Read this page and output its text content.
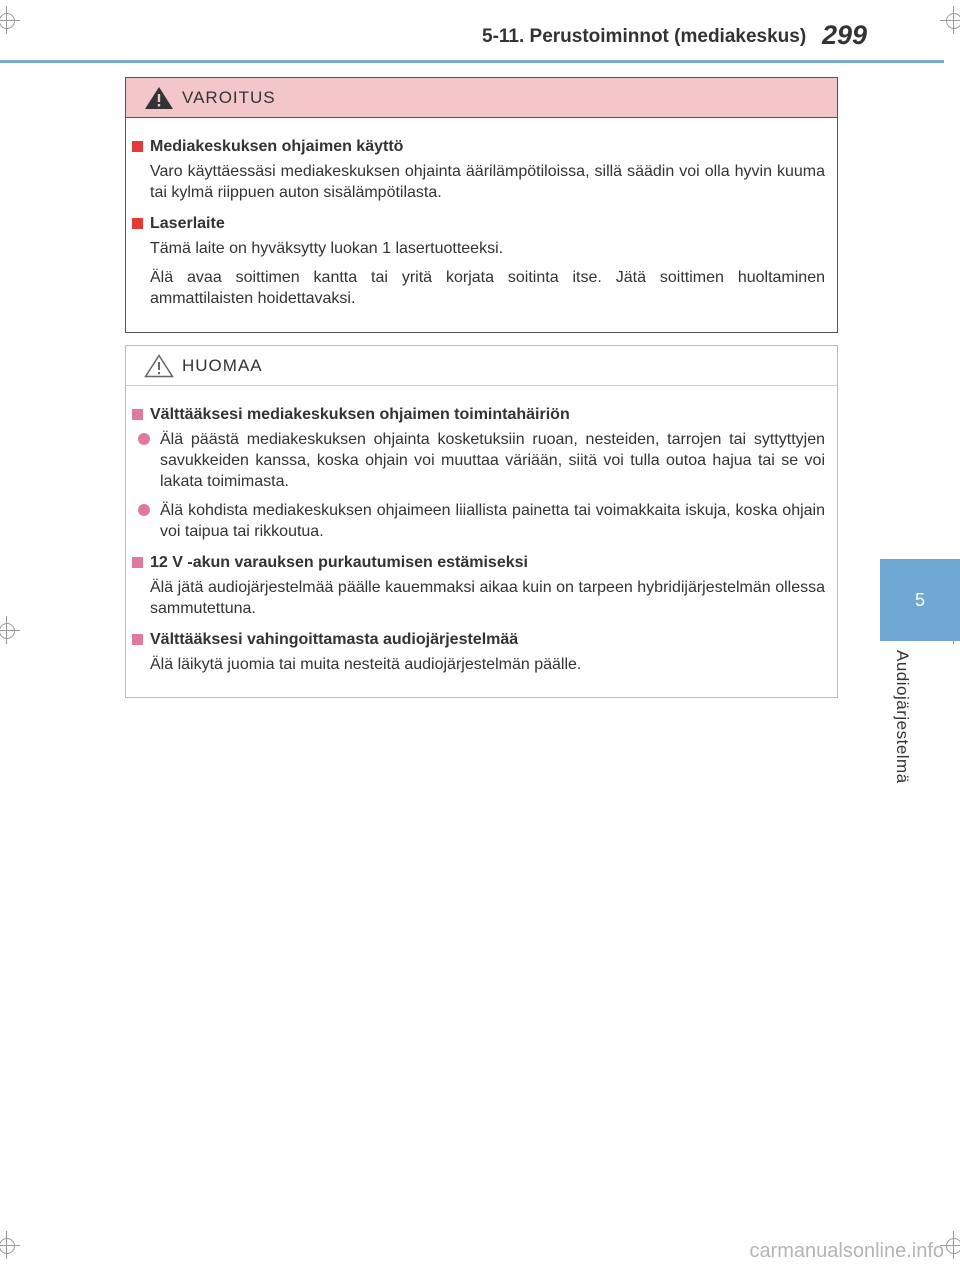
5-11. Perustoiminnot (mediakeskus) 299
5
Audiojärjestelmä
VAROITUS
Mediakeskuksen ohjaimen käyttö
Varo käyttäessäsi mediakeskuksen ohjainta äärilämpötiloissa, sillä säädin voi olla hyvin kuuma tai kylmä riippuen auton sisälämpötilasta.
Laserlaite
Tämä laite on hyväksytty luokan 1 lasertuotteeksi.
Älä avaa soittimen kantta tai yritä korjata soitinta itse. Jätä soittimen huoltaminen ammattilaisten hoidettavaksi.
HUOMAA
Välttääksesi mediakeskuksen ohjaimen toimintahäiriön
Älä päästä mediakeskuksen ohjainta kosketuksiin ruoan, nesteiden, tarrojen tai syttyttyjen savukkeiden kanssa, koska ohjain voi muuttaa väriään, siitä voi tulla outoa hajua tai se voi lakata toimimasta.
Älä kohdista mediakeskuksen ohjaimeen liiallista painetta tai voimakkaita iskuja, koska ohjain voi taipua tai rikkoutua.
12 V -akun varauksen purkautumisen estämiseksi
Älä jätä audiojärjestelmää päälle kauemmaksi aikaa kuin on tarpeen hybridijärjestelmän ollessa sammutettuna.
Välttääksesi vahingoittamasta audiojärjestelmää
Älä läikytä juomia tai muita nesteitä audiojärjestelmän päälle.
carmanualsonline.info
